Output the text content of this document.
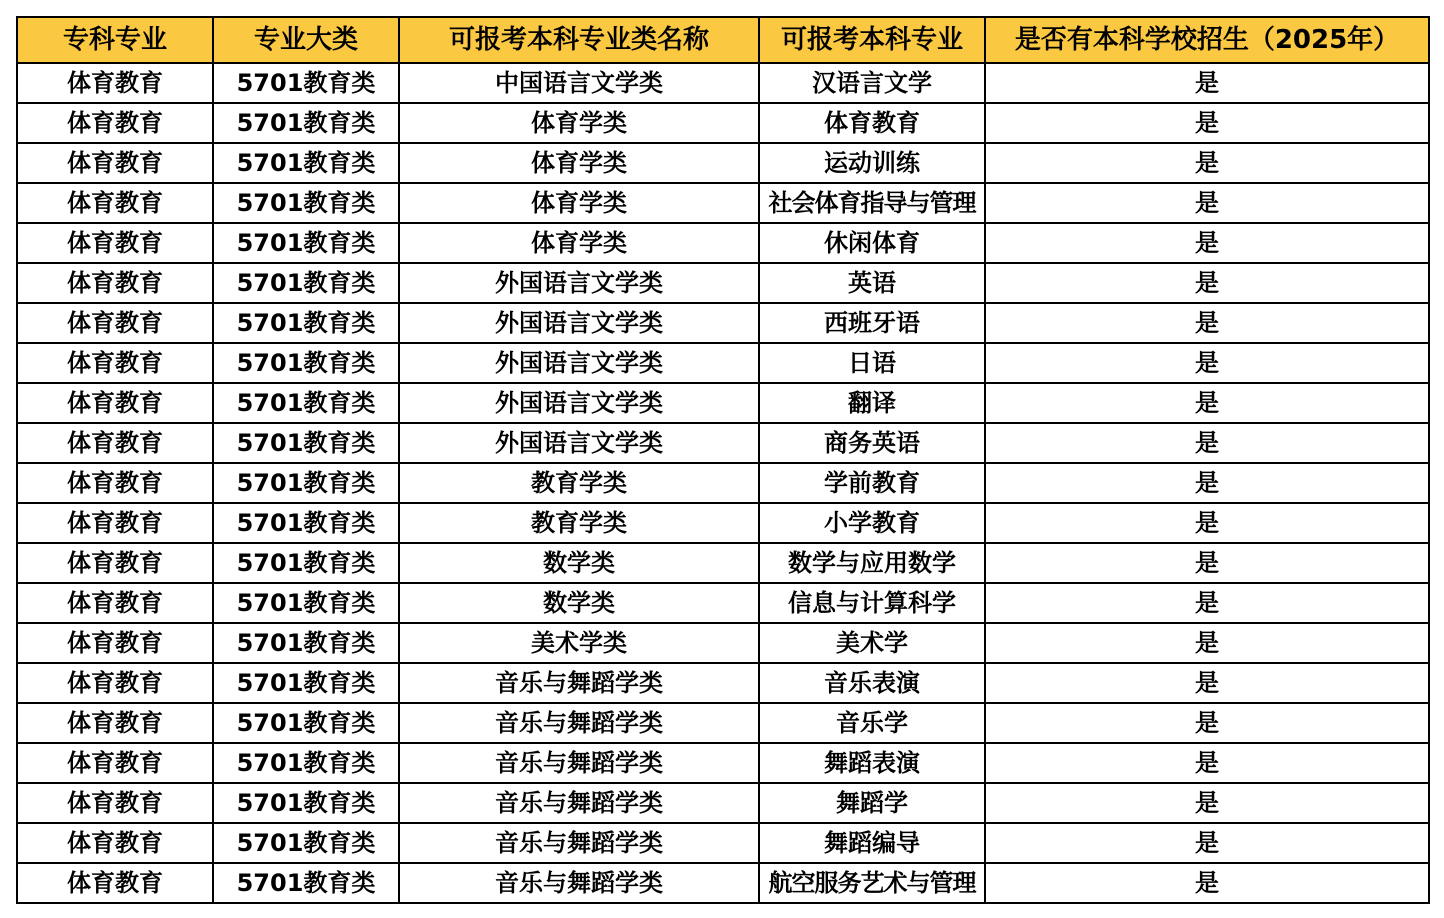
专科专业	专业大类	可报考本科专业类名称	可报考本科专业	是否有本科学校招生（2025年）
体育教育	5701教育类	中国语言文学类	汉语言文学	是
体育教育	5701教育类	体育学类	体育教育	是
体育教育	5701教育类	体育学类	运动训练	是
体育教育	5701教育类	体育学类	社会体育指导与管理	是
体育教育	5701教育类	体育学类	休闲体育	是
体育教育	5701教育类	外国语言文学类	英语	是
体育教育	5701教育类	外国语言文学类	西班牙语	是
体育教育	5701教育类	外国语言文学类	日语	是
体育教育	5701教育类	外国语言文学类	翻译	是
体育教育	5701教育类	外国语言文学类	商务英语	是
体育教育	5701教育类	教育学类	学前教育	是
体育教育	5701教育类	教育学类	小学教育	是
体育教育	5701教育类	数学类	数学与应用数学	是
体育教育	5701教育类	数学类	信息与计算科学	是
体育教育	5701教育类	美术学类	美术学	是
体育教育	5701教育类	音乐与舞蹈学类	音乐表演	是
体育教育	5701教育类	音乐与舞蹈学类	音乐学	是
体育教育	5701教育类	音乐与舞蹈学类	舞蹈表演	是
体育教育	5701教育类	音乐与舞蹈学类	舞蹈学	是
体育教育	5701教育类	音乐与舞蹈学类	舞蹈编导	是
体育教育	5701教育类	音乐与舞蹈学类	航空服务艺术与管理	是
